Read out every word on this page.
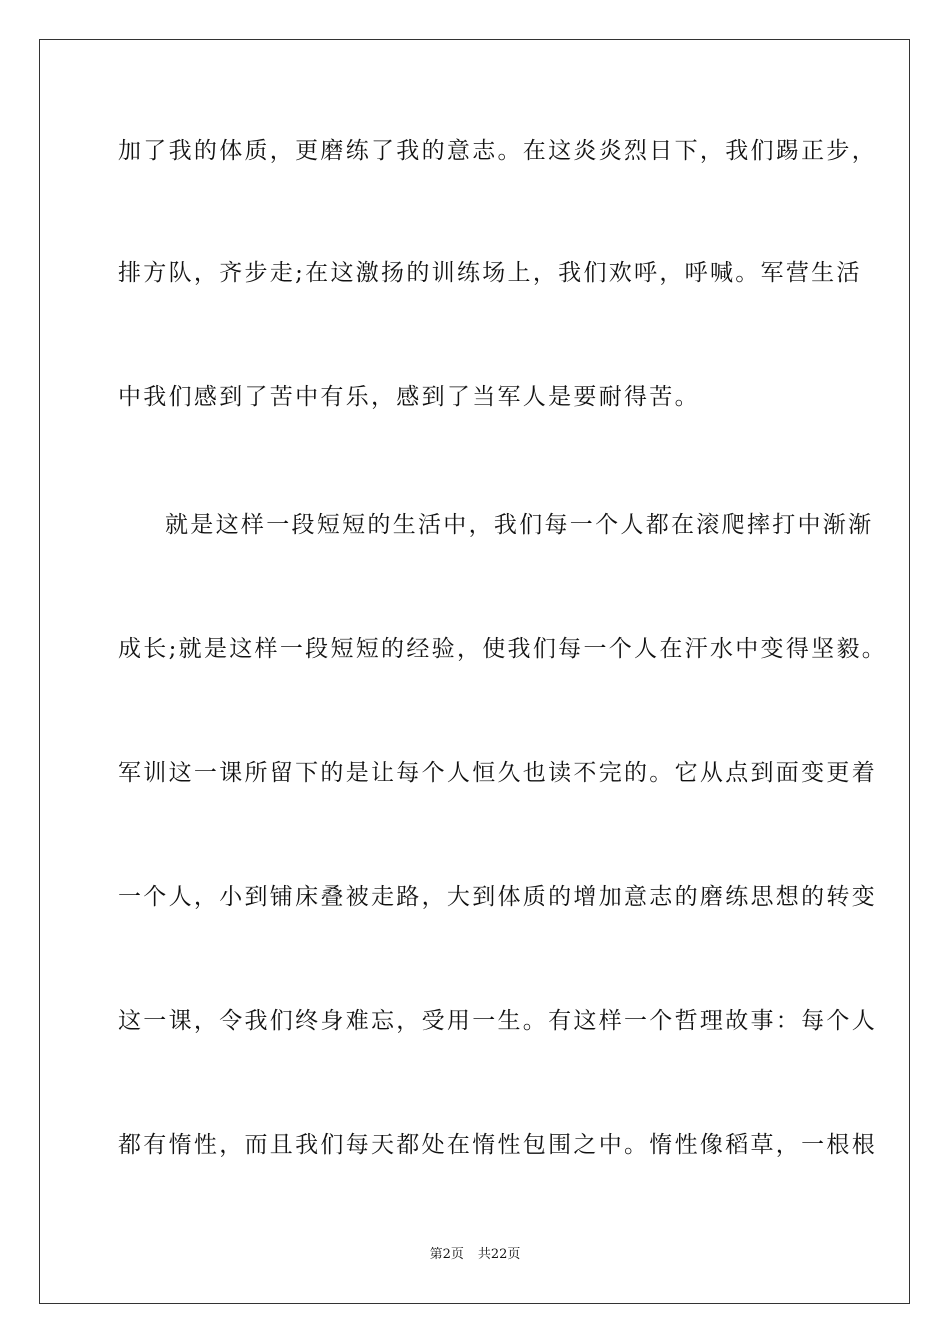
加了我的体质，更磨练了我的意志。在这炎炎烈日下，我们踢正步，
排方队，齐步走;在这激扬的训练场上，我们欢呼，呼喊。军营生活
中我们感到了苦中有乐，感到了当军人是要耐得苦。
就是这样一段短短的生活中，我们每一个人都在滚爬摔打中渐渐
成长;就是这样一段短短的经验，使我们每一个人在汗水中变得坚毅。
军训这一课所留下的是让每个人恒久也读不完的。它从点到面变更着
一个人，小到铺床叠被走路，大到体质的增加意志的磨练思想的转变
这一课，令我们终身难忘，受用一生。有这样一个哲理故事：每个人
都有惰性，而且我们每天都处在惰性包围之中。惰性像稻草，一根根
第2页 共22页
